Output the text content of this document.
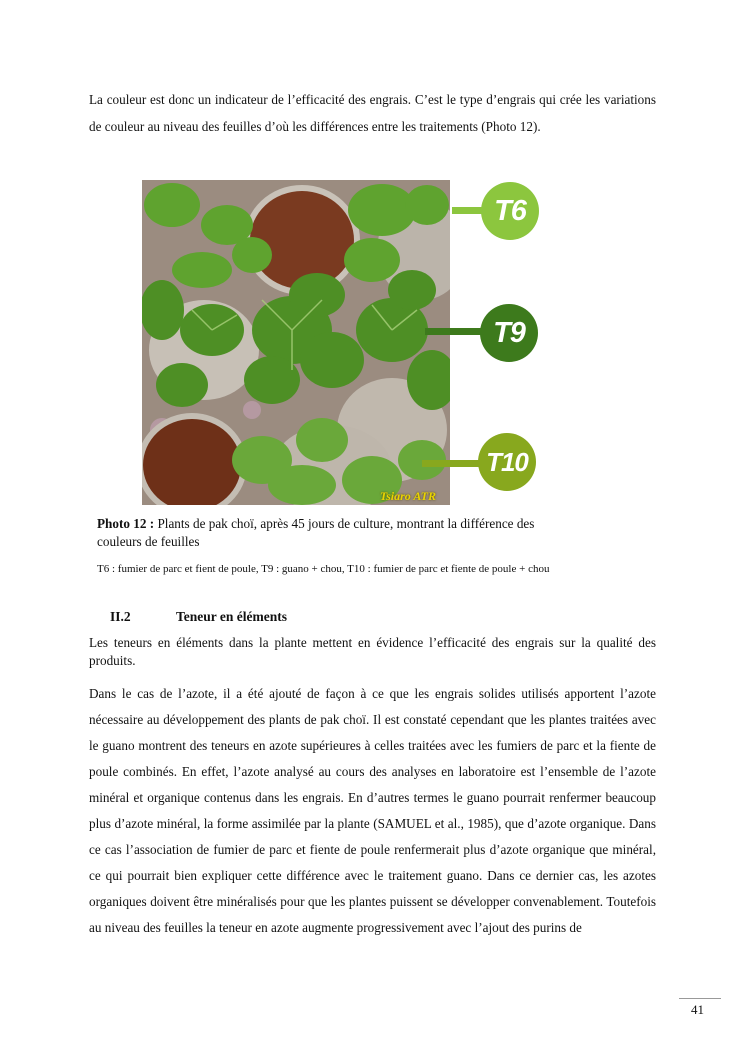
La couleur est donc un indicateur de l’efficacité des engrais. C’est le type d’engrais qui crée les variations de couleur au niveau des feuilles d’où les différences entre les traitements (Photo 12).

Tsiaro ATR
T6
T9
T10

Photo 12 : Plants de pak choï, après 45 jours de culture, montrant la différence des couleurs de feuilles

T6 : fumier de parc et fient de poule, T9 : guano + chou, T10 : fumier de parc et fiente de poule + chou

II.2	Teneur en éléments

Les teneurs en éléments dans la plante mettent en évidence l’efficacité des engrais sur la qualité des produits.

Dans le cas de l’azote, il a été ajouté de façon à ce que les engrais solides utilisés apportent l’azote nécessaire au développement des plants de pak choï. Il est constaté cependant que les plantes traitées avec le guano montrent des teneurs en azote supérieures à celles traitées avec les fumiers de parc et la fiente de poule combinés. En effet, l’azote analysé au cours des analyses en laboratoire est l’ensemble de l’azote minéral et organique contenus dans les engrais. En d’autres termes le guano pourrait renfermer beaucoup plus d’azote minéral, la forme assimilée par la plante (SAMUEL et al., 1985), que d’azote organique. Dans ce cas l’association de fumier de parc et fiente de poule renfermerait plus d’azote organique que minéral, ce qui pourrait bien expliquer cette différence avec le traitement guano. Dans ce dernier cas, les azotes organiques doivent être minéralisés pour que les plantes puissent se développer convenablement. Toutefois au niveau des feuilles la teneur en azote augmente progressivement avec l’ajout des purins de

41
